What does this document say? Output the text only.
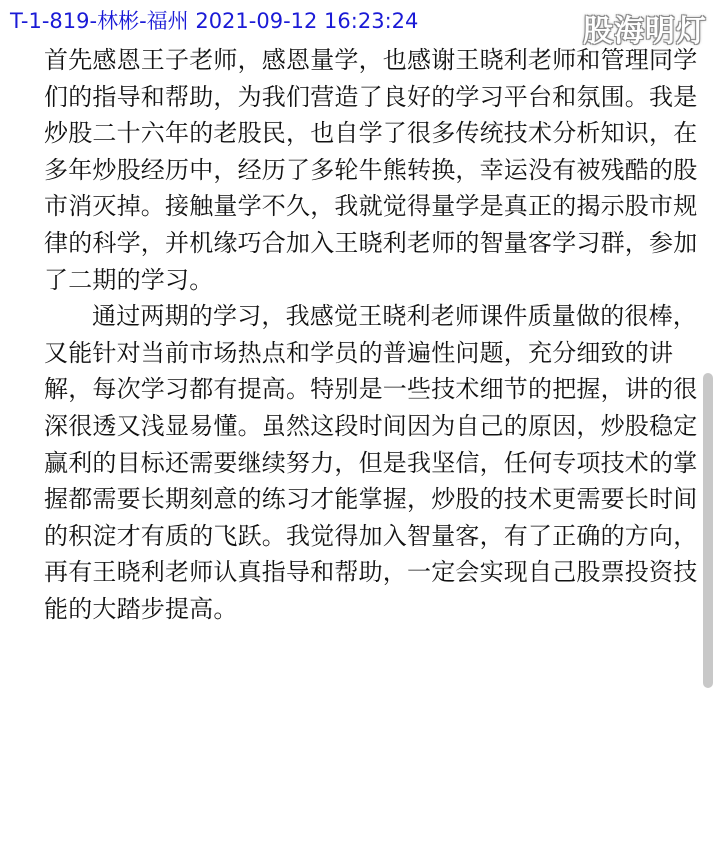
T-1-819-林彬-福州 2021-09-12 16:23:24	股海明灯

首先感恩王子老师，感恩量学，也感谢王晓利老师和管理同学们的指导和帮助，为我们营造了良好的学习平台和氛围。我是炒股二十六年的老股民，也自学了很多传统技术分析知识，在多年炒股经历中，经历了多轮牛熊转换，幸运没有被残酷的股市消灭掉。接触量学不久，我就觉得量学是真正的揭示股市规律的科学，并机缘巧合加入王晓利老师的智量客学习群，参加了二期的学习。

通过两期的学习，我感觉王晓利老师课件质量做的很棒，又能针对当前市场热点和学员的普遍性问题，充分细致的讲解，每次学习都有提高。特别是一些技术细节的把握，讲的很深很透又浅显易懂。虽然这段时间因为自己的原因，炒股稳定赢利的目标还需要继续努力，但是我坚信，任何专项技术的掌握都需要长期刻意的练习才能掌握，炒股的技术更需要长时间的积淀才有质的飞跃。我觉得加入智量客，有了正确的方向，再有王晓利老师认真指导和帮助，一定会实现自己股票投资技能的大踏步提高。
